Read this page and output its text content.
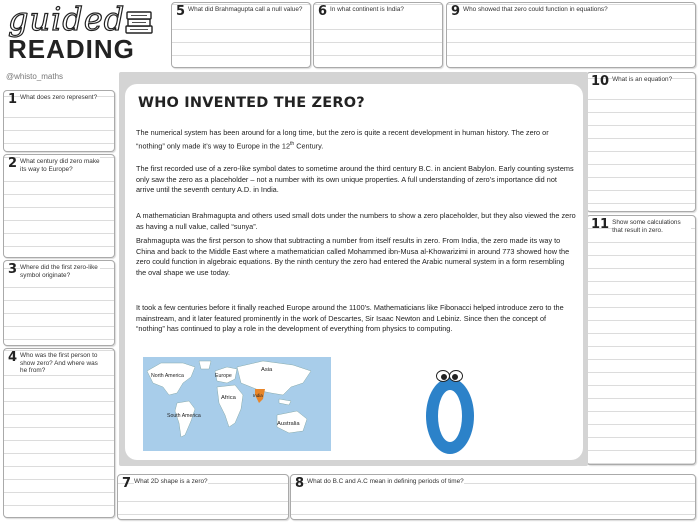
guided
READING
@whisto_maths
1 What does zero represent?
2 What century did zero make its way to Europe?
3 Where did the first zero-like symbol originate?
4 Who was the first person to show zero? And where was he from?
5 What did Brahmagupta call a null value? 6 In what continent is India?	9 Who showed that zero could function in equations?
10 What is an equation?
11 Show some calculations that result in zero.
7 What 2D shape is a zero?	8 What do B.C and A.C mean in defining periods of time?
WHO INVENTED THE ZERO?
The numerical system has been around for a long time, but the zero is quite a recent development in human history. The zero or “nothing” only made it’s way to Europe in the 12th Century.
The first recorded use of a zero-like symbol dates to sometime around the third century B.C. in ancient Babylon. Early counting systems only saw the zero as a placeholder – not a number with its own unique properties. A full understanding of zero’s importance did not arrive until the seventh century A.D. in India.
A mathematician Brahmagupta and others used small dots under the numbers to show a zero placeholder, but they also viewed the zero as having a null value, called “sunya”.
Brahmagupta was the first person to show that subtracting a number from itself results in zero. From India, the zero made its way to China and back to the Middle East where a mathematician called Mohammed ibn-Musa al-Khowarizimi in around 773 showed how the zero could function in algebraic equations. By the ninth century the zero had entered the Arabic numeral system in a form resembling the oval shape we use today.
It took a few centuries before it finally reached Europe around the 1100’s. Mathematicians like Fibonacci helped introduce zero to the mainstream, and it later featured prominently in the work of Descartes, Sir Isaac Newton and Lebiniz. Since then the concept of “nothing” has continued to play a role in the development of everything from physics to computing.
North America
South America
Europe
Asia
Africa	India
Australia
